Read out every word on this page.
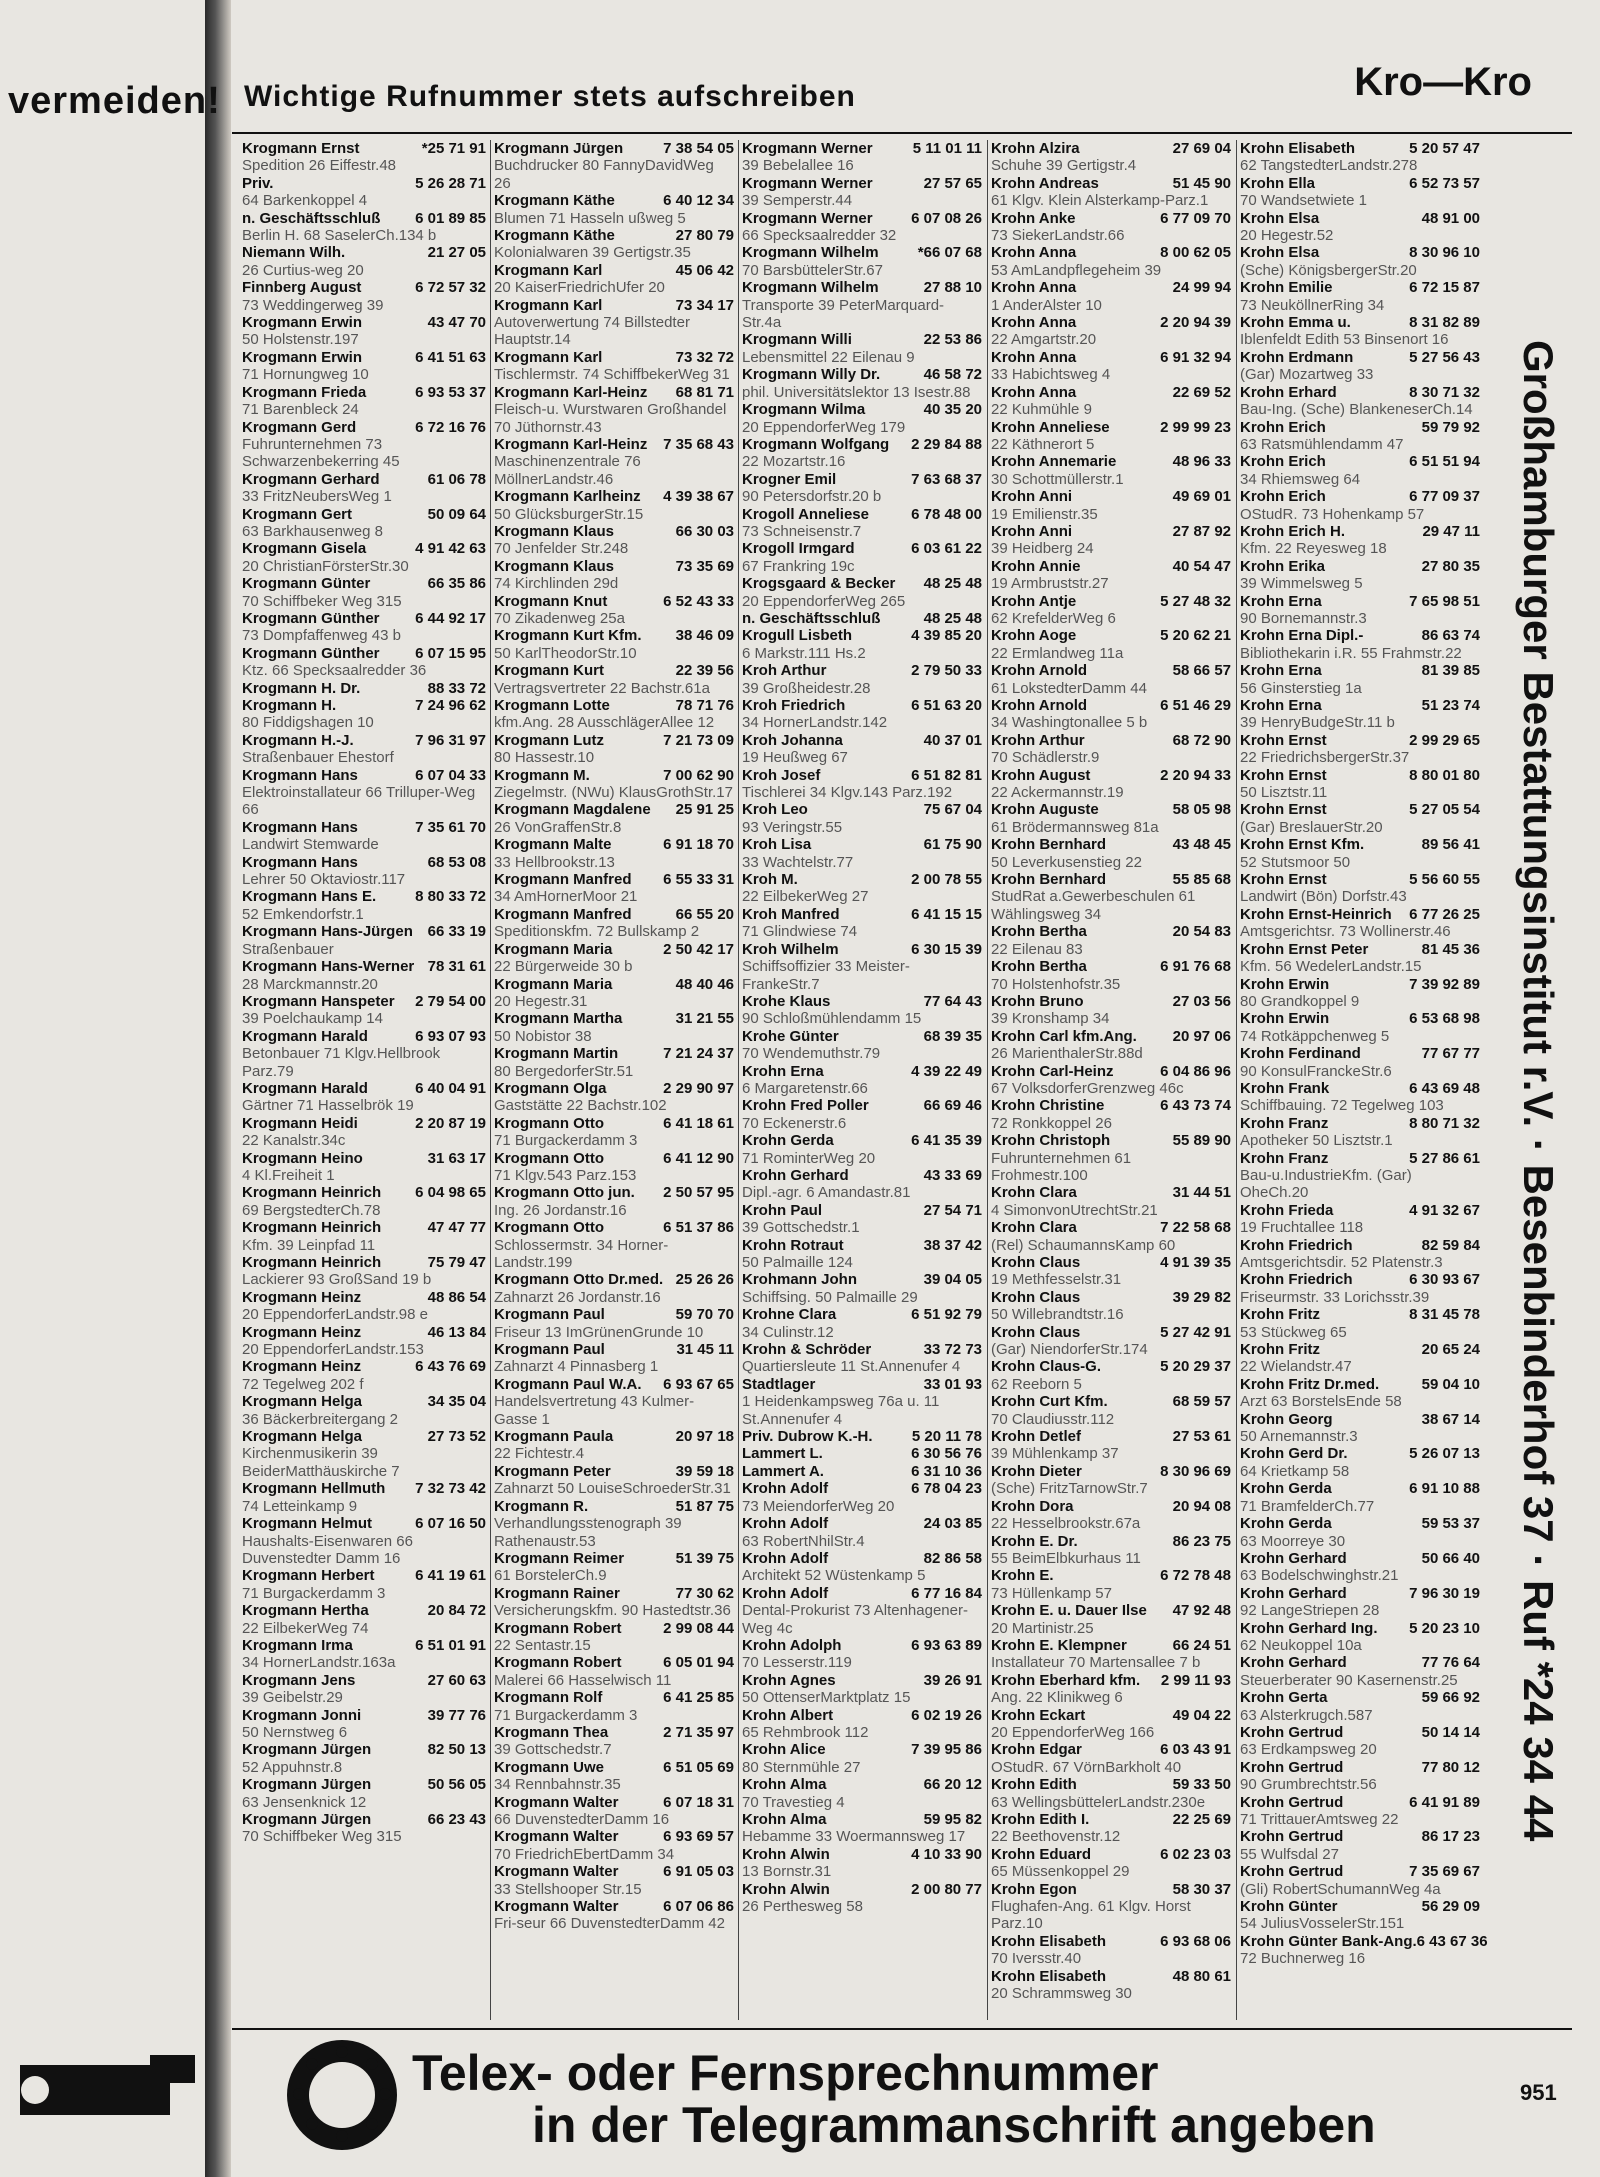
vermeiden! Wichtige Rufnummer stets aufschreiben	Kro—Kro
Krogmann Ernst	*25 71 91
Spedition 26 Eiffestr.48
Priv.	5 26 28 71
64 Barkenkoppel 4
n. Geschäftsschluß 6 01 89 85
Berlin H. 68 SaselerCh.134 b
Niemann Wilh.	21 27 05
26 Curtius-weg 20
Finnberg August	6 72 57 32
73 Weddingerweg 39
Krogmann Erwin	43 47 70
50 Holstenstr.197
Krogmann Erwin	6 41 51 63
71 Hornungweg 10
Krogmann Frieda	6 93 53 37
71 Barenbleck 24
Krogmann Gerd	6 72 16 76
Fuhrunternehmen 73 Schwarzenbekerring 45
Krogmann Gerhard	61 06 78
33 FritzNeubersWeg 1
Krogmann Gert	50 09 64
63 Barkhausenweg 8
Krogmann Gisela	4 91 42 63
20 ChristianFörsterStr.30
Krogmann Günter	66 35 86
70 Schiffbeker Weg 315
Krogmann Günther 6 44 92 17
73 Dompfaffenweg 43 b
Krogmann Günther 6 07 15 95
Ktz. 66 Specksaalredder 36
Krogmann H. Dr.	88 33 72
Krogmann H.	7 24 96 62
80 Fiddigshagen 10
Krogmann H.-J.	7 96 31 97
Straßenbauer Ehestorf
Krogmann Hans	6 07 04 33
Elektroinstallateur 66 Trilluper-Weg 66
Krogmann Hans	7 35 61 70
Landwirt Stemwarde
Krogmann Hans	68 53 08
Lehrer 50 Oktaviostr.117
Krogmann Hans E.	8 80 33 72
52 Emkendorfstr.1
Krogmann Hans-Jürgen 66 33 19
Straßenbauer
Krogmann Hans-Werner 78 31 61
28 Marckmannstr.20
Krogmann Hanspeter 2 79 54 00
39 Poelchaukamp 14
Krogmann Harald	6 93 07 93
Betonbauer 71 Klgv.Hellbrook Parz.79
Krogmann Harald	6 40 04 91
Gärtner 71 Hasselbrök 19
Krogmann Heidi	2 20 87 19
22 Kanalstr.34c
Krogmann Heino	31 63 17
4 Kl.Freiheit 1
Krogmann Heinrich 6 04 98 65
69 BergstedterCh.78
Krogmann Heinrich	47 47 77
Kfm. 39 Leinpfad 11
Krogmann Heinrich	75 79 47
Lackierer 93 GroßSand 19 b
Krogmann Heinz	48 86 54
20 EppendorferLandstr.98 e
Krogmann Heinz	46 13 84
20 EppendorferLandstr.153
Krogmann Heinz	6 43 76 69
72 Tegelweg 202 f
Krogmann Helga	34 35 04
36 Bäckerbreitergang 2
Krogmann Helga	27 73 52
Kirchenmusikerin 39 BeiderMatthäuskirche 7
Krogmann Hellmuth 7 32 73 42
74 Letteinkamp 9
Krogmann Helmut	6 07 16 50
Haushalts-Eisenwaren 66 Duvenstedter Damm 16
Krogmann Herbert	6 41 19 61
71 Burgackerdamm 3
Krogmann Hertha	20 84 72
22 EilbekerWeg 74
Krogmann Irma	6 51 01 91
34 HornerLandstr.163a
Krogmann Jens	27 60 63
39 Geibelstr.29
Krogmann Jonni	39 77 76
50 Nernstweg 6
Krogmann Jürgen	82 50 13
52 Appuhnstr.8
Krogmann Jürgen	50 56 05
63 Jensenknick 12
Krogmann Jürgen	66 23 43
70 Schiffbeker Weg 315
Krogmann Jürgen	7 38 54 05
Buchdrucker 80 FannyDavidWeg 26
Krogmann Käthe	6 40 12 34
Blumen 71 Hasseln ußweg 5
Krogmann Käthe	27 80 79
Kolonialwaren 39 Gertigstr.35
Krogmann Karl	45 06 42
20 KaiserFriedrichUfer 20
Krogmann Karl	73 34 17
Autoverwertung 74 Billstedter Hauptstr.14
Krogmann Karl	73 32 72
Tischlermstr. 74 SchiffbekerWeg 31
Krogmann Karl-Heinz 68 81 71
Fleisch-u. Wurstwaren Großhandel 70 Jüthornstr.43
Krogmann Karl-Heinz 7 35 68 43
Maschinenzentrale 76 MöllnerLandstr.46
Krogmann Karlheinz 4 39 38 67
50 GlücksburgerStr.15
Krogmann Klaus	66 30 03
70 Jenfelder Str.248
Krogmann Klaus	73 35 69
74 Kirchlinden 29d
Krogmann Knut	6 52 43 33
70 Zikadenweg 25a
Krogmann Kurt Kfm. 38 46 09
50 KarlTheodorStr.10
Krogmann Kurt	22 39 56
Vertragsvertreter 22 Bachstr.61a
Krogmann Lotte	78 71 76
kfm.Ang. 28 AusschlägerAllee 12
Krogmann Lutz	7 21 73 09
80 Hassestr.10
Krogmann M.	7 00 62 90
Ziegelmstr. (NWu) KlausGrothStr.17
Krogmann Magdalene 25 91 25
26 VonGraffenStr.8
Krogmann Malte	6 91 18 70
33 Hellbrookstr.13
Krogmann Manfred 6 55 33 31
34 AmHornerMoor 21
Krogmann Manfred	66 55 20
Speditionskfm. 72 Bullskamp 2
Krogmann Maria	2 50 42 17
22 Bürgerweide 30 b
Krogmann Maria	48 40 46
20 Hegestr.31
Krogmann Martha	31 21 55
50 Nobistor 38
Krogmann Martin	7 21 24 37
80 BergedorferStr.51
Krogmann Olga	2 29 90 97
Gaststätte 22 Bachstr.102
Krogmann Otto	6 41 18 61
71 Burgackerdamm 3
Krogmann Otto	6 41 12 90
71 Klgv.543 Parz.153
Krogmann Otto jun. 2 50 57 95
Ing. 26 Jordanstr.16
Krogmann Otto	6 51 37 86
Schlossermstr. 34 Horner-Landstr.199
Krogmann Otto Dr.med. 25 26 26
Zahnarzt 26 Jordanstr.16
Krogmann Paul	59 70 70
Friseur 13 ImGrünenGrunde 10
Krogmann Paul	31 45 11
Zahnarzt 4 Pinnasberg 1
Krogmann Paul W.A. 6 93 67 65
Handelsvertretung 43 Kulmer-Gasse 1
Krogmann Paula	20 97 18
22 Fichtestr.4
Krogmann Peter	39 59 18
Zahnarzt 50 LouiseSchroederStr.31
Krogmann R.	51 87 75
Verhandlungsstenograph 39 Rathenaustr.53
Krogmann Reimer	51 39 75
61 BorstelerCh.9
Krogmann Rainer	77 30 62
Versicherungskfm. 90 Hastedtstr.36
Krogmann Robert	2 99 08 44
22 Sentastr.15
Krogmann Robert	6 05 01 94
Malerei 66 Hasselwisch 11
Krogmann Rolf	6 41 25 85
71 Burgackerdamm 3
Krogmann Thea	2 71 35 97
39 Gottschedstr.7
Krogmann Uwe	6 51 05 69
34 Rennbahnstr.35
Krogmann Walter	6 07 18 31
66 DuvenstedterDamm 16
Krogmann Walter	6 93 69 57
70 FriedrichEbertDamm 34
Krogmann Walter	6 91 05 03
33 Stellshooper Str.15
Krogmann Walter	6 07 06 86
Fri-seur 66 DuvenstedterDamm 42
Krogmann Werner	5 11 01 11
39 Bebelallee 16
Krogmann Werner	27 57 65
39 Semperstr.44
Krogmann Werner	6 07 08 26
66 Specksaalredder 32
Krogmann Wilhelm	*66 07 68
70 BarsbüttelerStr.67
Krogmann Wilhelm	27 88 10
Transporte 39 PeterMarquard-Str.4a
Krogmann Willi	22 53 86
Lebensmittel 22 Eilenau 9
Krogmann Willy Dr.	46 58 72
phil. Universitätslektor 13 Isestr.88
Krogmann Wilma	40 35 20
20 EppendorferWeg 179
Krogmann Wolfgang 2 29 84 88
22 Mozartstr.16
Krogner Emil	7 63 68 37
90 Petersdorfstr.20 b
Krogoll Anneliese	6 78 48 00
73 Schneisenstr.7
Krogoll Irmgard	6 03 61 22
67 Frankring 19c
Krogsgaard & Becker 48 25 48
20 EppendorferWeg 265
n. Geschäftsschluß	48 25 48
Krogull Lisbeth	4 39 85 20
6 Markstr.111 Hs.2
Kroh Arthur	2 79 50 33
39 Großheidestr.28
Kroh Friedrich	6 51 63 20
34 HornerLandstr.142
Kroh Johanna	40 37 01
19 Heußweg 67
Kroh Josef	6 51 82 81
Tischlerei 34 Klgv.143 Parz.192
Kroh Leo	75 67 04
93 Veringstr.55
Kroh Lisa	61 75 90
33 Wachtelstr.77
Kroh M.	2 00 78 55
22 EilbekerWeg 27
Kroh Manfred	6 41 15 15
71 Glindwiese 74
Kroh Wilhelm	6 30 15 39
Schiffsoffizier 33 Meister-FrankeStr.7
Krohe Klaus	77 64 43
90 Schloßmühlendamm 15
Krohe Günter	68 39 35
70 Wendemuthstr.79
Krohn Erna	4 39 22 49
6 Margaretenstr.66
Krohn Fred Poller	66 69 46
70 Eckenerstr.6
Krohn Gerda	6 41 35 39
71 RominterWeg 20
Krohn Gerhard	43 33 69
Dipl.-agr. 6 Amandastr.81
Krohn Paul	27 54 71
39 Gottschedstr.1
Krohn Rotraut	38 37 42
50 Palmaille 124
Krohmann John	39 04 05
Schiffsing. 50 Palmaille 29
Krohne Clara	6 51 92 79
34 Culinstr.12
Krohn & Schröder	33 72 73
Quartiersleute 11 St.Annenufer 4
Stadtlager	33 01 93
1 Heidenkampsweg 76a u. 11 St.Annenufer 4
Priv. Dubrow K.-H.	5 20 11 78
Lammert L.	6 30 56 76
Lammert A.	6 31 10 36
Krohn Adolf	6 78 04 23
73 MeiendorferWeg 20
Krohn Adolf	24 03 85
63 RobertNhilStr.4
Krohn Adolf	82 86 58
Architekt 52 Wüstenkamp 5
Krohn Adolf	6 77 16 84
Dental-Prokurist 73 Altenhagener-Weg 4c
Krohn Adolph	6 93 63 89
70 Lesserstr.119
Krohn Agnes	39 26 91
50 OttenserMarktplatz 15
Krohn Albert	6 02 19 26
65 Rehmbrook 112
Krohn Alice	7 39 95 86
80 Sternmühle 27
Krohn Alma	66 20 12
70 Travestieg 4
Krohn Alma	59 95 82
Hebamme 33 Woermannsweg 17
Krohn Alwin	4 10 33 90
13 Bornstr.31
Krohn Alwin	2 00 80 77
26 Perthesweg 58
Krohn Alzira	27 69 04
Schuhe 39 Gertigstr.4
Krohn Andreas	51 45 90
61 Klgv. Klein Alsterkamp-Parz.1
Krohn Anke	6 77 09 70
73 SiekerLandstr.66
Krohn Anna	8 00 62 05
53 AmLandpflegeheim 39
Krohn Anna	24 99 94
1 AnderAlster 10
Krohn Anna	2 20 94 39
22 Amgartstr.20
Krohn Anna	6 91 32 94
33 Habichtsweg 4
Krohn Anna	22 69 52
22 Kuhmühle 9
Krohn Anneliese	2 99 99 23
22 Käthnerort 5
Krohn Annemarie	48 96 33
30 Schottmüllerstr.1
Krohn Anni	49 69 01
19 Emilienstr.35
Krohn Anni	27 87 92
39 Heidberg 24
Krohn Annie	40 54 47
19 Armbruststr.27
Krohn Antje	5 27 48 32
62 KrefelderWeg 6
Krohn Aoge	5 20 62 21
22 Ermlandweg 11a
Krohn Arnold	58 66 57
61 LokstedterDamm 44
Krohn Arnold	6 51 46 29
34 Washingtonallee 5 b
Krohn Arthur	68 72 90
70 Schädlerstr.9
Krohn August	2 20 94 33
22 Ackermannstr.19
Krohn Auguste	58 05 98
61 Brödermannsweg 81a
Krohn Bernhard	43 48 45
50 Leverkusenstieg 22
Krohn Bernhard	55 85 68
StudRat a.Gewerbeschulen 61 Wählingsweg 34
Krohn Bertha	20 54 83
22 Eilenau 83
Krohn Bertha	6 91 76 68
70 Holstenhofstr.35
Krohn Bruno	27 03 56
39 Kronshamp 34
Krohn Carl kfm.Ang. 20 97 06
26 MarienthalerStr.88d
Krohn Carl-Heinz	6 04 86 96
67 VolksdorferGrenzweg 46c
Krohn Christine	6 43 73 74
72 Ronkkoppel 26
Krohn Christoph	55 89 90
Fuhrunternehmen 61 Frohmestr.100
Krohn Clara	31 44 51
4 SimonvonUtrechtStr.21
Krohn Clara	7 22 58 68
(Rel) SchaumannsKamp 60
Krohn Claus	4 91 39 35
19 Methfesselstr.31
Krohn Claus	39 29 82
50 Willebrandtstr.16
Krohn Claus	5 27 42 91
(Gar) NiendorferStr.174
Krohn Claus-G.	5 20 29 37
62 Reeborn 5
Krohn Curt Kfm.	68 59 57
70 Claudiusstr.112
Krohn Detlef	27 53 61
39 Mühlenkamp 37
Krohn Dieter	8 30 96 69
(Sche) FritzTarnowStr.7
Krohn Dora	20 94 08
22 Hesselbrookstr.67a
Krohn E. Dr.	86 23 75
55 BeimElbkurhaus 11
Krohn E.	6 72 78 48
73 Hüllenkamp 57
Krohn E. u. Dauer Ilse 47 92 48
20 Martinistr.25
Krohn E. Klempner	66 24 51
Installateur 70 Martensallee 7 b
Krohn Eberhard kfm. 2 99 11 93
Ang. 22 Klinikweg 6
Krohn Eckart	49 04 22
20 EppendorferWeg 166
Krohn Edgar	6 03 43 91
OStudR. 67 VörnBarkholt 40
Krohn Edith	59 33 50
63 WellingsbüttelerLandstr.230e
Krohn Edith I.	22 25 69
22 Beethovenstr.12
Krohn Eduard	6 02 23 03
65 Müssenkoppel 29
Krohn Egon	58 30 37
Flughafen-Ang. 61 Klgv. Horst Parz.10
Krohn Elisabeth	6 93 68 06
70 Iversstr.40
Krohn Elisabeth	48 80 61
20 Schrammsweg 30
Krohn Elisabeth	5 20 57 47
62 TangstedterLandstr.278
Krohn Ella	6 52 73 57
70 Wandsetwiete 1
Krohn Elsa	48 91 00
20 Hegestr.52
Krohn Elsa	8 30 96 10
(Sche) KönigsbergerStr.20
Krohn Emilie	6 72 15 87
73 NeuköllnerRing 34
Krohn Emma u.	8 31 82 89
Iblenfeldt Edith 53 Binsenort 16
Krohn Erdmann	5 27 56 43
(Gar) Mozartweg 33
Krohn Erhard	8 30 71 32
Bau-Ing. (Sche) BlankeneserCh.14
Krohn Erich	59 79 92
63 Ratsmühlendamm 47
Krohn Erich	6 51 51 94
34 Rhiemsweg 64
Krohn Erich	6 77 09 37
OStudR. 73 Hohenkamp 57
Krohn Erich H.	29 47 11
Kfm. 22 Reyesweg 18
Krohn Erika	27 80 35
39 Wimmelsweg 5
Krohn Erna	7 65 98 51
90 Bornemannstr.3
Krohn Erna Dipl.-	86 63 74
Bibliothekarin i.R. 55 Frahmstr.22
Krohn Erna	81 39 85
56 Ginsterstieg 1a
Krohn Erna	51 23 74
39 HenryBudgeStr.11 b
Krohn Ernst	2 99 29 65
22 FriedrichsbergerStr.37
Krohn Ernst	8 80 01 80
50 Lisztstr.11
Krohn Ernst	5 27 05 54
(Gar) BreslauerStr.20
Krohn Ernst Kfm.	89 56 41
52 Stutsmoor 50
Krohn Ernst	5 56 60 55
Landwirt (Bön) Dorfstr.43
Krohn Ernst-Heinrich 6 77 26 25
Amtsgerichtsr. 73 Wollinerstr.46
Krohn Ernst Peter	81 45 36
Kfm. 56 WedelerLandstr.15
Krohn Erwin	7 39 92 89
80 Grandkoppel 9
Krohn Erwin	6 53 68 98
74 Rotkäppchenweg 5
Krohn Ferdinand	77 67 77
90 KonsulFranckeStr.6
Krohn Frank	6 43 69 48
Schiffbauing. 72 Tegelweg 103
Krohn Franz	8 80 71 32
Apotheker 50 Lisztstr.1
Krohn Franz	5 27 86 61
Bau-u.IndustrieKfm. (Gar) OheCh.20
Krohn Frieda	4 91 32 67
19 Fruchtallee 118
Krohn Friedrich	82 59 84
Amtsgerichtsdir. 52 Platenstr.3
Krohn Friedrich	6 30 93 67
Friseurmstr. 33 Lorichsstr.39
Krohn Fritz	8 31 45 78
53 Stückweg 65
Krohn Fritz	20 65 24
22 Wielandstr.47
Krohn Fritz Dr.med.	59 04 10
Arzt 63 BorstelsEnde 58
Krohn Georg	38 67 14
50 Arnemannstr.3
Krohn Gerd Dr.	5 26 07 13
64 Krietkamp 58
Krohn Gerda	6 91 10 88
71 BramfelderCh.77
Krohn Gerda	59 53 37
63 Moorreye 30
Krohn Gerhard	50 66 40
63 Bodelschwinghstr.21
Krohn Gerhard	7 96 30 19
92 LangeStriepen 28
Krohn Gerhard Ing. 5 20 23 10
62 Neukoppel 10a
Krohn Gerhard	77 76 64
Steuerberater 90 Kasernenstr.25
Krohn Gerta	59 66 92
63 Alsterkrugch.587
Krohn Gertrud	50 14 14
63 Erdkampsweg 20
Krohn Gertrud	77 80 12
90 Grumbrechtstr.56
Krohn Gertrud	6 41 91 89
71 TrittauerAmtsweg 22
Krohn Gertrud	86 17 23
55 Wulfsdal 27
Krohn Gertrud	7 35 69 67
(Gli) RobertSchumannWeg 4a
Krohn Günter	56 29 09
54 JuliusVosselerStr.151
Krohn Günter Bank-Ang. 6 43 67 36
72 Buchnerweg 16
Großhamburger Bestattungsinstitut r.V. · Besenbinderhof 37 · Ruf *24 34 44
Telex- oder Fernsprechnummer
in der Telegrammanschrift angeben
951
